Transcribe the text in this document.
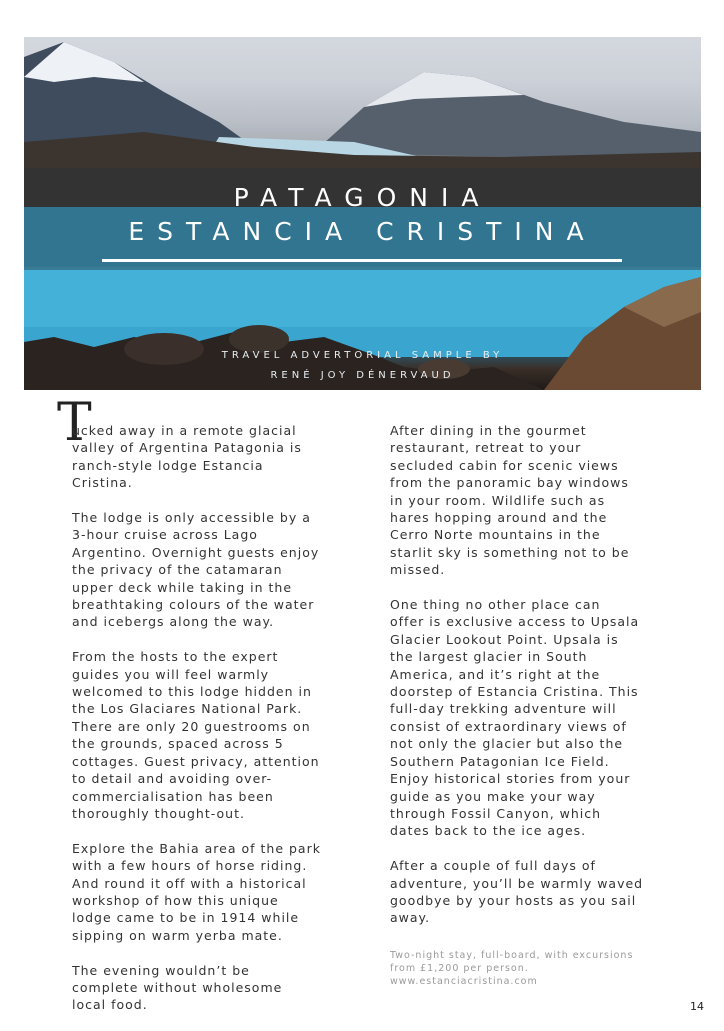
PATAGONIA
ESTANCIA CRISTINA
TRAVEL ADVERTORIAL SAMPLE BY
RENÉ JOY DÉNERVAUD
T

ucked away in a remote glacial
valley of Argentina Patagonia is
ranch-style lodge Estancia
Cristina.

The lodge is only accessible by a
3-hour cruise across Lago
Argentino. Overnight guests enjoy
the privacy of the catamaran
upper deck while taking in the
breathtaking colours of the water
and icebergs along the way.

From the hosts to the expert
guides you will feel warmly
welcomed to this lodge hidden in
the Los Glaciares National Park.
There are only 20 guestrooms on
the grounds, spaced across 5
cottages. Guest privacy, attention
to detail and avoiding over-
commercialisation has been
thoroughly thought-out.

Explore the Bahia area of the park
with a few hours of horse riding.
And round it off with a historical
workshop of how this unique
lodge came to be in 1914 while
sipping on warm yerba mate.

The evening wouldn’t be
complete without wholesome
local food.

After dining in the gourmet
restaurant, retreat to your
secluded cabin for scenic views
from the panoramic bay windows
in your room. Wildlife such as
hares hopping around and the
Cerro Norte mountains in the
starlit sky is something not to be
missed.

One thing no other place can
offer is exclusive access to Upsala
Glacier Lookout Point. Upsala is
the largest glacier in South
America, and it’s right at the
doorstep of Estancia Cristina. This
full-day trekking adventure will
consist of extraordinary views of
not only the glacier but also the
Southern Patagonian Ice Field.
Enjoy historical stories from your
guide as you make your way
through Fossil Canyon, which
dates back to the ice ages.

After a couple of full days of
adventure, you’ll be warmly waved
goodbye by your hosts as you sail
away.

Two-night stay, full-board, with excursions
from £1,200 per person.
www.estanciacristina.com
14
